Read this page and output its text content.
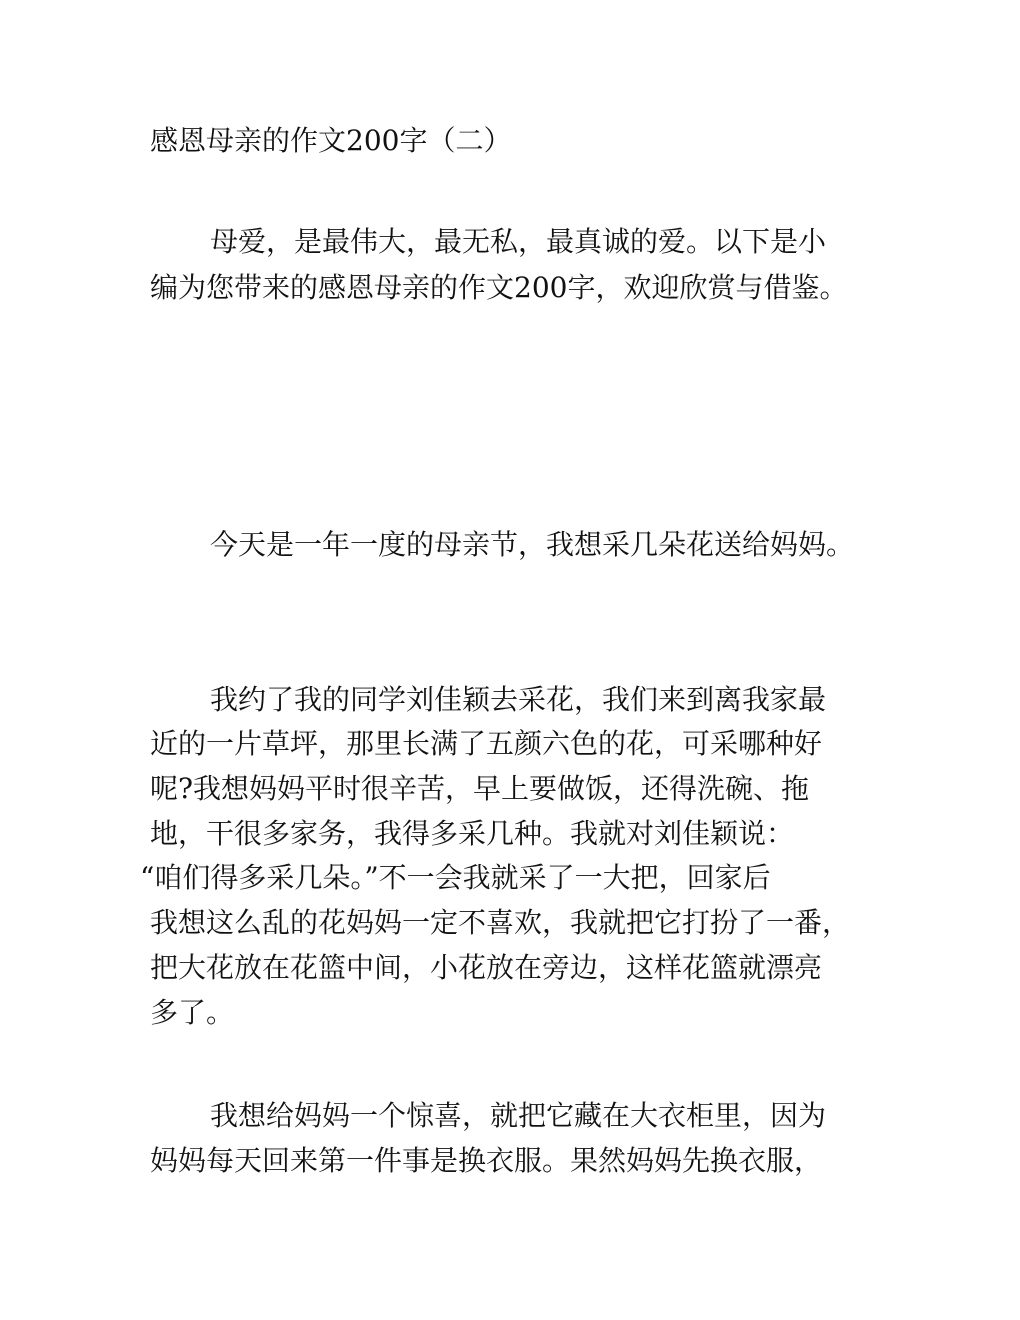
感恩母亲的作文200字（二）
母爱，是最伟大，最无私，最真诚的爱。以下是小
编为您带来的感恩母亲的作文200字，欢迎欣赏与借鉴。
今天是一年一度的母亲节，我想采几朵花送给妈妈。
我约了我的同学刘佳颖去采花，我们来到离我家最
近的一片草坪，那里长满了五颜六色的花，可采哪种好
呢?我想妈妈平时很辛苦，早上要做饭，还得洗碗、拖
地，干很多家务，我得多采几种。我就对刘佳颖说：
“咱们得多采几朵。”不一会我就采了一大把，回家后
我想这么乱的花妈妈一定不喜欢，我就把它打扮了一番，
把大花放在花篮中间，小花放在旁边，这样花篮就漂亮
多了。
我想给妈妈一个惊喜，就把它藏在大衣柜里，因为
妈妈每天回来第一件事是换衣服。果然妈妈先换衣服，
